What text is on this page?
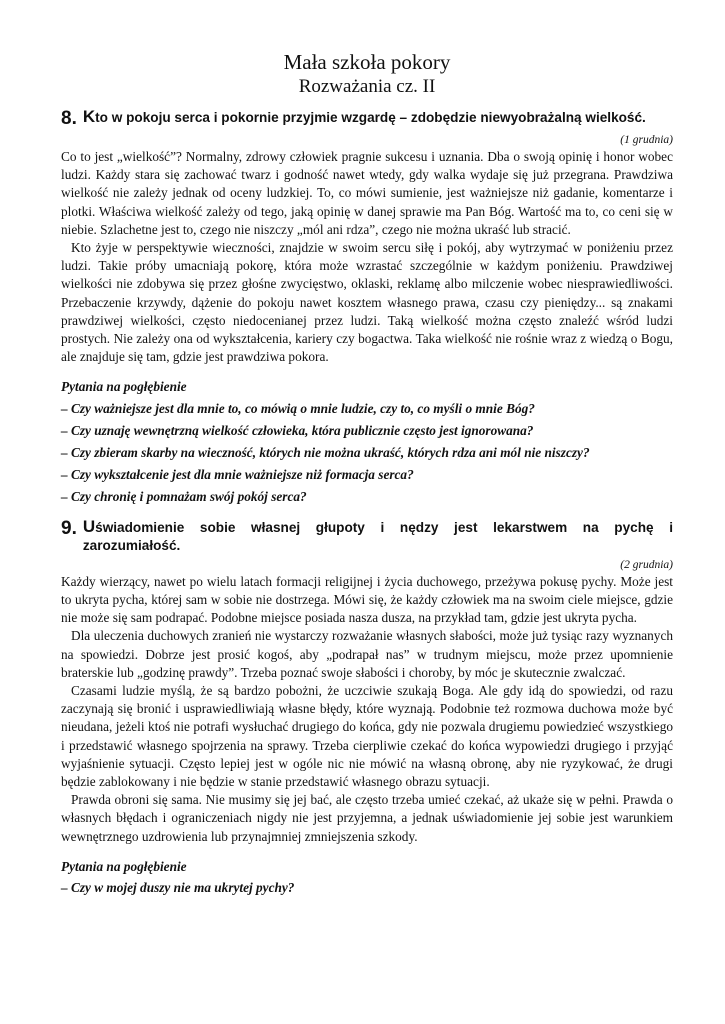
Mała szkoła pokory
Rozważania cz. II
8. Kto w pokoju serca i pokornie przyjmie wzgardę – zdobędzie niewyobrażalną wielkość.
(1 grudnia)

Co to jest „wielkość”? Normalny, zdrowy człowiek pragnie sukcesu i uznania. Dba o swoją opinię i honor wobec ludzi. Każdy stara się zachować twarz i godność nawet wtedy, gdy walka wydaje się już przegrana. Prawdziwa wielkość nie zależy jednak od oceny ludzkiej. To, co mówi sumienie, jest ważniejsze niż gadanie, komentarze i plotki. Właściwa wielkość zależy od tego, jaką opinię w danej sprawie ma Pan Bóg. Wartość ma to, co ceni się w niebie. Szlachetne jest to, czego nie niszczy „mól ani rdza”, czego nie można ukraść lub stracić.

Kto żyje w perspektywie wieczności, znajdzie w swoim sercu siłę i pokój, aby wytrzymać w poniżeniu przez ludzi. Takie próby umacniają pokorę, która może wzrastać szczególnie w każdym poniżeniu. Prawdziwej wielkości nie zdobywa się przez głośne zwycięstwo, oklaski, reklamę albo milczenie wobec niesprawiedliwości. Przebaczenie krzywdy, dążenie do pokoju nawet kosztem własnego prawa, czasu czy pieniędzy... są znakami prawdziwej wielkości, często niedocenianej przez ludzi. Taką wielkość można często znaleźć wśród ludzi prostych. Nie zależy ona od wykształcenia, kariery czy bogactwa. Taka wielkość nie rośnie wraz z wiedzą o Bogu, ale znajduje się tam, gdzie jest prawdziwa pokora.

Pytania na pogłębienie
– Czy ważniejsze jest dla mnie to, co mówią o mnie ludzie, czy to, co myśli o mnie Bóg?
– Czy uznaję wewnętrzną wielkość człowieka, która publicznie często jest ignorowana?
– Czy zbieram skarby na wieczność, których nie można ukraść, których rdza ani mól nie niszczy?
– Czy wykształcenie jest dla mnie ważniejsze niż formacja serca?
– Czy chronię i pomnażam swój pokój serca?
9. Uświadomienie sobie własnej głupoty i nędzy jest lekarstwem na pychę i
zarozumiałość.
(2 grudnia)

Każdy wierzący, nawet po wielu latach formacji religijnej i życia duchowego, przeżywa pokusę pychy. Może jest to ukryta pycha, której sam w sobie nie dostrzega. Mówi się, że każdy człowiek ma na swoim ciele miejsce, gdzie nie może się sam podrapać. Podobne miejsce posiada nasza dusza, na przykład tam, gdzie jest ukryta pycha.

Dla uleczenia duchowych zranień nie wystarczy rozważanie własnych słabości, może już tysiąc razy wyznanych na spowiedzi. Dobrze jest prosić kogoś, aby „podrapał nas” w trudnym miejscu, może przez upomnienie braterskie lub „godzinę prawdy”. Trzeba poznać swoje słabości i choroby, by móc je skutecznie zwalczać.

Czasami ludzie myślą, że są bardzo pobożni, że uczciwie szukają Boga. Ale gdy idą do spowiedzi, od razu zaczynają się bronić i usprawiedliwiają własne błędy, które wyznają. Podobnie też rozmowa duchowa może być nieudana, jeżeli ktoś nie potrafi wysłuchać drugiego do końca, gdy nie pozwala drugiemu powiedzieć wszystkiego i przedstawić własnego spojrzenia na sprawy. Trzeba cierpliwie czekać do końca wypowiedzi drugiego i przyjąć wyjaśnienie sytuacji. Często lepiej jest w ogóle nic nie mówić na własną obronę, aby nie ryzykować, że drugi będzie zablokowany i nie będzie w stanie przedstawić własnego obrazu sytuacji.

Prawda obroni się sama. Nie musimy się jej bać, ale często trzeba umieć czekać, aż ukaże się w pełni. Prawda o własnych błędach i ograniczeniach nigdy nie jest przyjemna, a jednak uświadomienie jej sobie jest warunkiem wewnętrznego uzdrowienia lub przynajmniej zmniejszenia szkody.

Pytania na pogłębienie
– Czy w mojej duszy nie ma ukrytej pychy?
